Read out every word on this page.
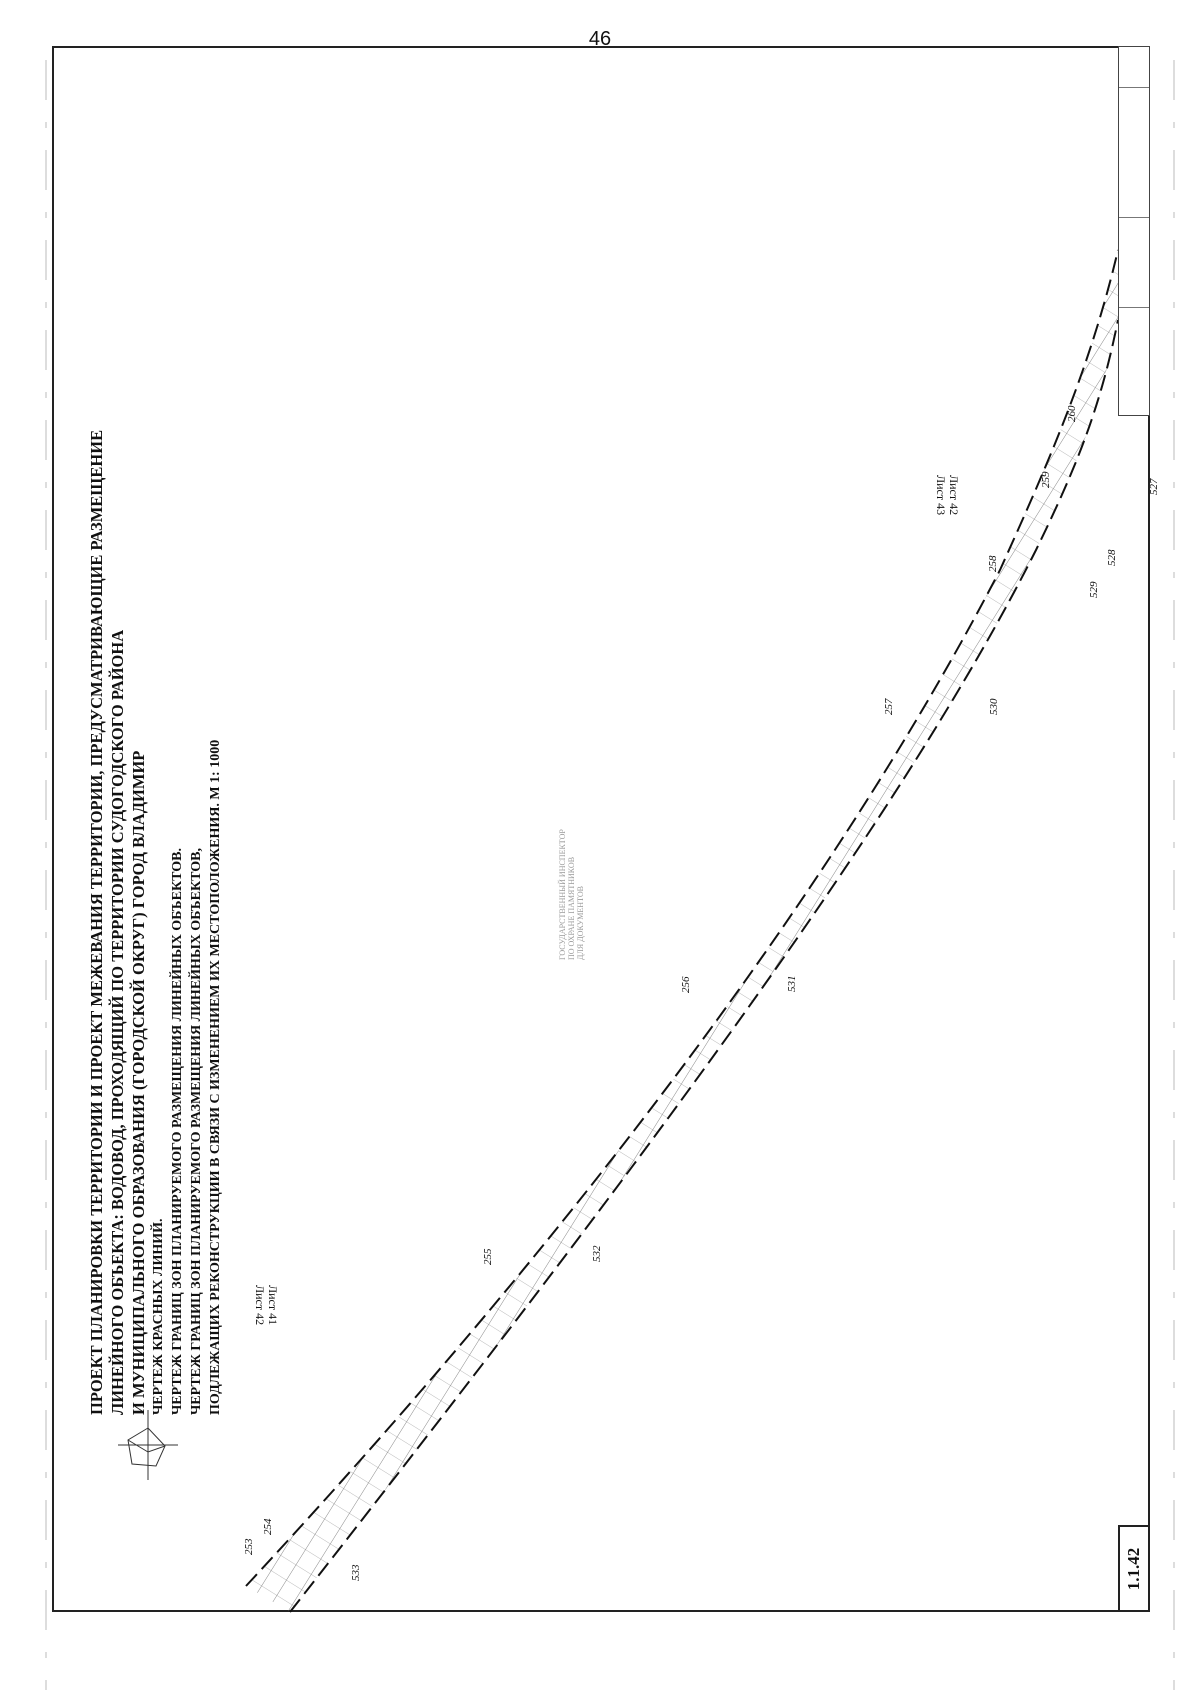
46
ПРОЕКТ ПЛАНИРОВКИ ТЕРРИТОРИИ И ПРОЕКТ МЕЖЕВАНИЯ ТЕРРИТОРИИ, ПРЕДУСМАТРИВАЮЩИЕ РАЗМЕЩЕНИЕ ЛИНЕЙНОГО ОБЪЕКТА: ВОДОВОД, ПРОХОДЯЩИЙ ПО ТЕРРИТОРИИ СУДОГОДСКОГО РАЙОНА И МУНИЦИПАЛЬНОГО ОБРАЗОВАНИЯ (ГОРОДСКОЙ ОКРУГ) ГОРОД ВЛАДИМИР ЧЕРТЕЖ КРАСНЫХ ЛИНИЙ. ЧЕРТЕЖ ГРАНИЦ ЗОН ПЛАНИРУЕМОГО РАЗМЕЩЕНИЯ ЛИНЕЙНЫХ ОБЪЕКТОВ. ЧЕРТЕЖ ГРАНИЦ ЗОН ПЛАНИРУЕМОГО РАЗМЕЩЕНИЯ ЛИНЕЙНЫХ ОБЪЕКТОВ, ПОДЛЕЖАЩИХ РЕКОНСТРУКЦИИ В СВЯЗИ С ИЗМЕНЕНИЕМ ИХ МЕСТОПОЛОЖЕНИЯ. М 1: 1000	ГОСУДАРСТВЕННЫЙ ИНСПЕКТОР ПО ОХРАНЕ ПАМЯТНИКОВ ДЛЯ ДОКУМЕНТОВ
Лист 41
Лист 42
Лист 42
Лист 43
253
254
255
256
257
258
259
260
533
532
531
530
529
528
527
1.1.42
